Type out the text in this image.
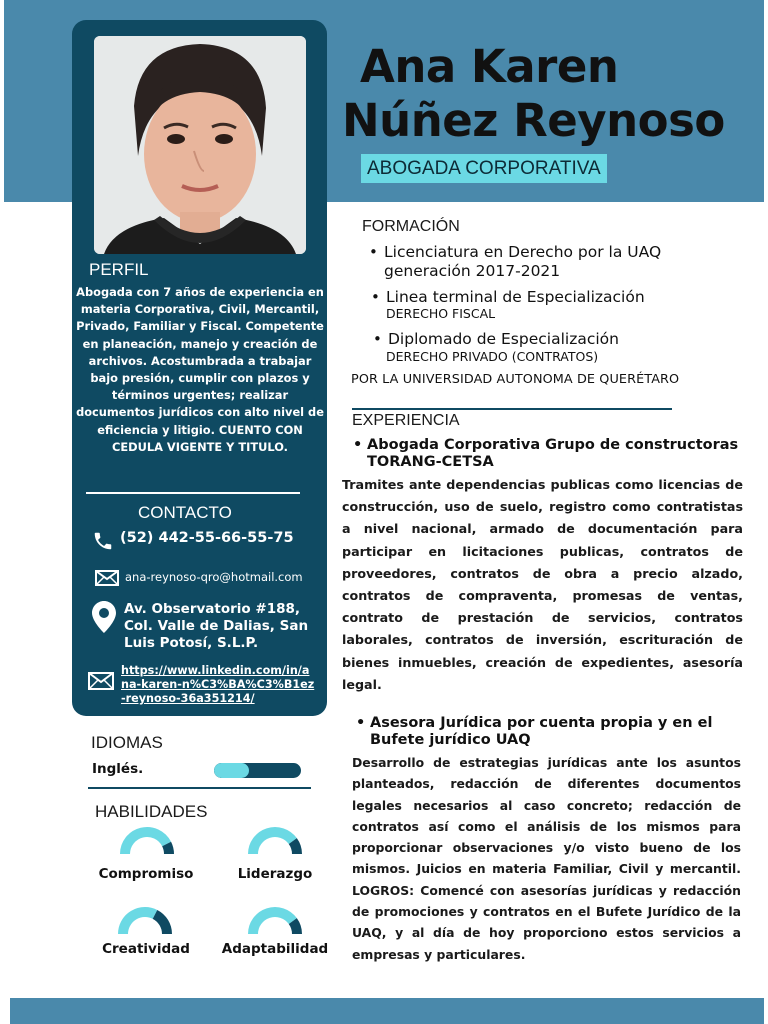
Ana Karen
Núñez Reynoso
ABOGADA CORPORATIVA
PERFIL
Abogada con 7 años de experiencia en materia Corporativa, Civil, Mercantil, Privado, Familiar y Fiscal. Competente en planeación, manejo y creación de archivos. Acostumbrada a trabajar bajo presión, cumplir con plazos y términos urgentes; realizar documentos jurídicos con alto nivel de eficiencia y litigio. CUENTO CON CEDULA VIGENTE Y TITULO.
CONTACTO
(52) 442-55-66-55-75
ana-reynoso-qro@hotmail.com
Av. Observatorio #188, Col. Valle de Dalias, San Luis Potosí, S.L.P.
https://www.linkedin.com/in/ana-karen-n%C3%BA%C3%B1ez-reynoso-36a351214/
IDIOMAS
Inglés.
HABILIDADES
Compromiso	Liderazgo
Creatividad	Adaptabilidad
FORMACIÓN
• Licenciatura en Derecho por la UAQ generación 2017-2021
• Linea terminal de Especialización
DERECHO FISCAL
• Diplomado de Especialización
DERECHO PRIVADO (CONTRATOS)
POR LA UNIVERSIDAD AUTONOMA DE QUERÉTARO
EXPERIENCIA
• Abogada Corporativa Grupo de constructoras TORANG-CETSA
Tramites ante dependencias publicas como licencias de construcción, uso de suelo, registro como contratistas a nivel nacional, armado de documentación para participar en licitaciones publicas, contratos de proveedores, contratos de obra a precio alzado, contratos de compraventa, promesas de ventas, contrato de prestación de servicios, contratos laborales, contratos de inversión, escrituración de bienes inmuebles, creación de expedientes, asesoría legal.
• Asesora Jurídica por cuenta propia y en el Bufete jurídico UAQ
Desarrollo de estrategias jurídicas ante los asuntos planteados, redacción de diferentes documentos legales necesarios al caso concreto; redacción de contratos así como el análisis de los mismos para proporcionar observaciones y/o visto bueno de los mismos. Juicios en materia Familiar, Civil y mercantil. LOGROS: Comencé con asesorías jurídicas y redacción de promociones y contratos en el Bufete Jurídico de la UAQ, y al día de hoy proporciono estos servicios a empresas y particulares.
